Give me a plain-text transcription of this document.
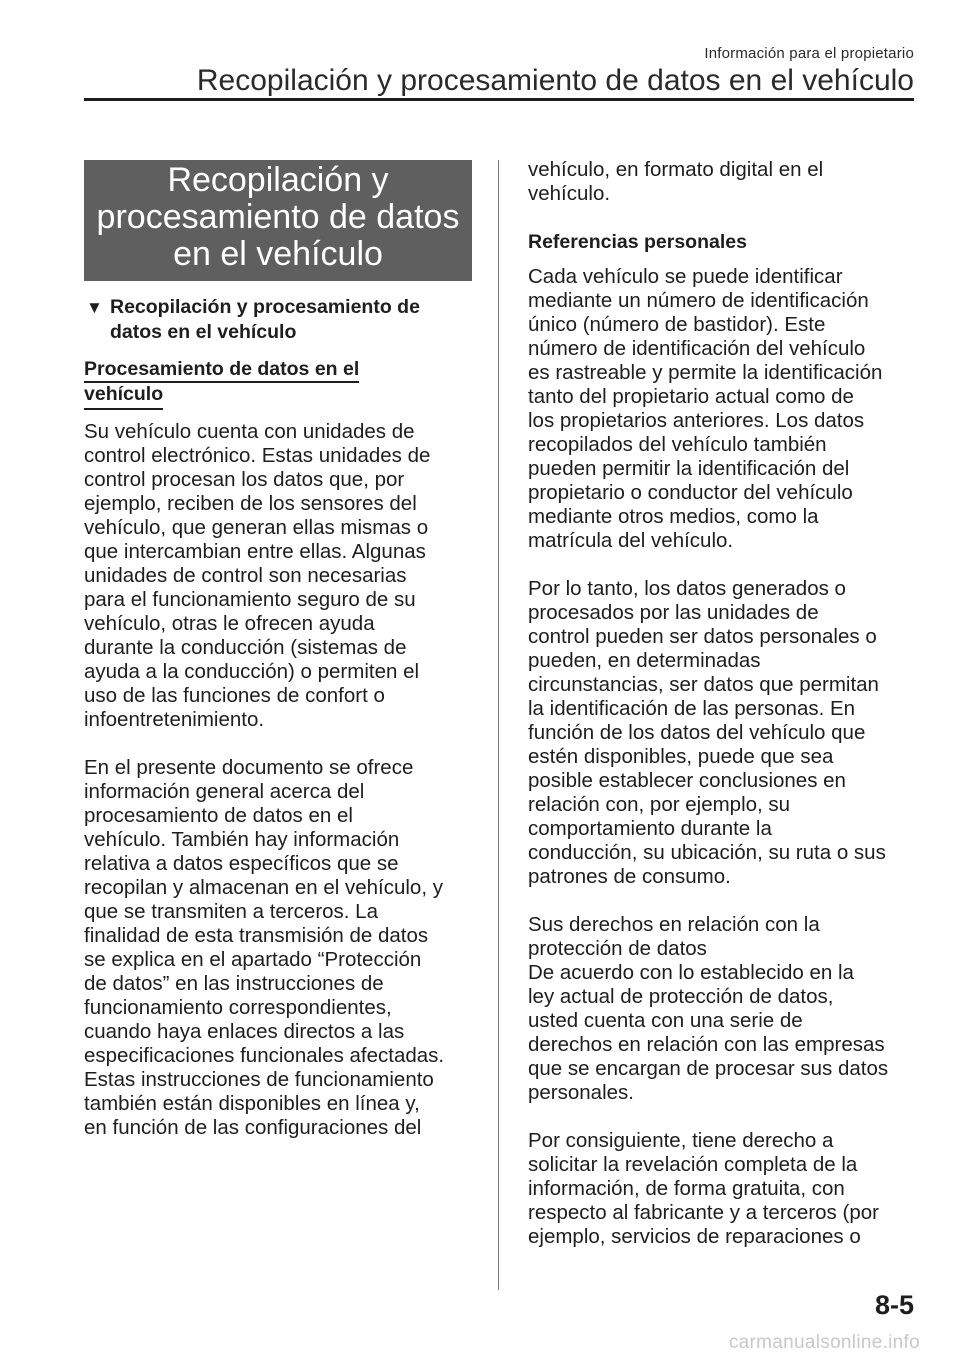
Información para el propietario
Recopilación y procesamiento de datos en el vehículo
Recopilación y
procesamiento de datos
en el vehículo
▼ Recopilación y procesamiento de
datos en el vehículo
Procesamiento de datos en el
vehículo

Su vehículo cuenta con unidades de

control electrónico. Estas unidades de

control procesan los datos que, por

ejemplo, reciben de los sensores del

vehículo, que generan ellas mismas o

que intercambian entre ellas. Algunas

unidades de control son necesarias

para el funcionamiento seguro de su

vehículo, otras le ofrecen ayuda

durante la conducción (sistemas de

ayuda a la conducción) o permiten el

uso de las funciones de confort o

infoentretenimiento.

En el presente documento se ofrece

información general acerca del

procesamiento de datos en el

vehículo. También hay información

relativa a datos específicos que se

recopilan y almacenan en el vehículo, y

que se transmiten a terceros. La

finalidad de esta transmisión de datos

se explica en el apartado “Protección

de datos” en las instrucciones de

funcionamiento correspondientes,

cuando haya enlaces directos a las

especificaciones funcionales afectadas.

Estas instrucciones de funcionamiento

también están disponibles en línea y,

en función de las configuraciones del

vehículo, en formato digital en el

vehículo.

Referencias personales

Cada vehículo se puede identificar

mediante un número de identificación

único (número de bastidor). Este

número de identificación del vehículo

es rastreable y permite la identificación

tanto del propietario actual como de

los propietarios anteriores. Los datos

recopilados del vehículo también

pueden permitir la identificación del

propietario o conductor del vehículo

mediante otros medios, como la

matrícula del vehículo.

Por lo tanto, los datos generados o

procesados por las unidades de

control pueden ser datos personales o

pueden, en determinadas

circunstancias, ser datos que permitan

la identificación de las personas. En

función de los datos del vehículo que

estén disponibles, puede que sea

posible establecer conclusiones en

relación con, por ejemplo, su

comportamiento durante la

conducción, su ubicación, su ruta o sus

patrones de consumo.

Sus derechos en relación con la

protección de datos

De acuerdo con lo establecido en la

ley actual de protección de datos,

usted cuenta con una serie de

derechos en relación con las empresas

que se encargan de procesar sus datos

personales.

Por consiguiente, tiene derecho a

solicitar la revelación completa de la

información, de forma gratuita, con

respecto al fabricante y a terceros (por

ejemplo, servicios de reparaciones o

8-5
carmanualsonline.info
